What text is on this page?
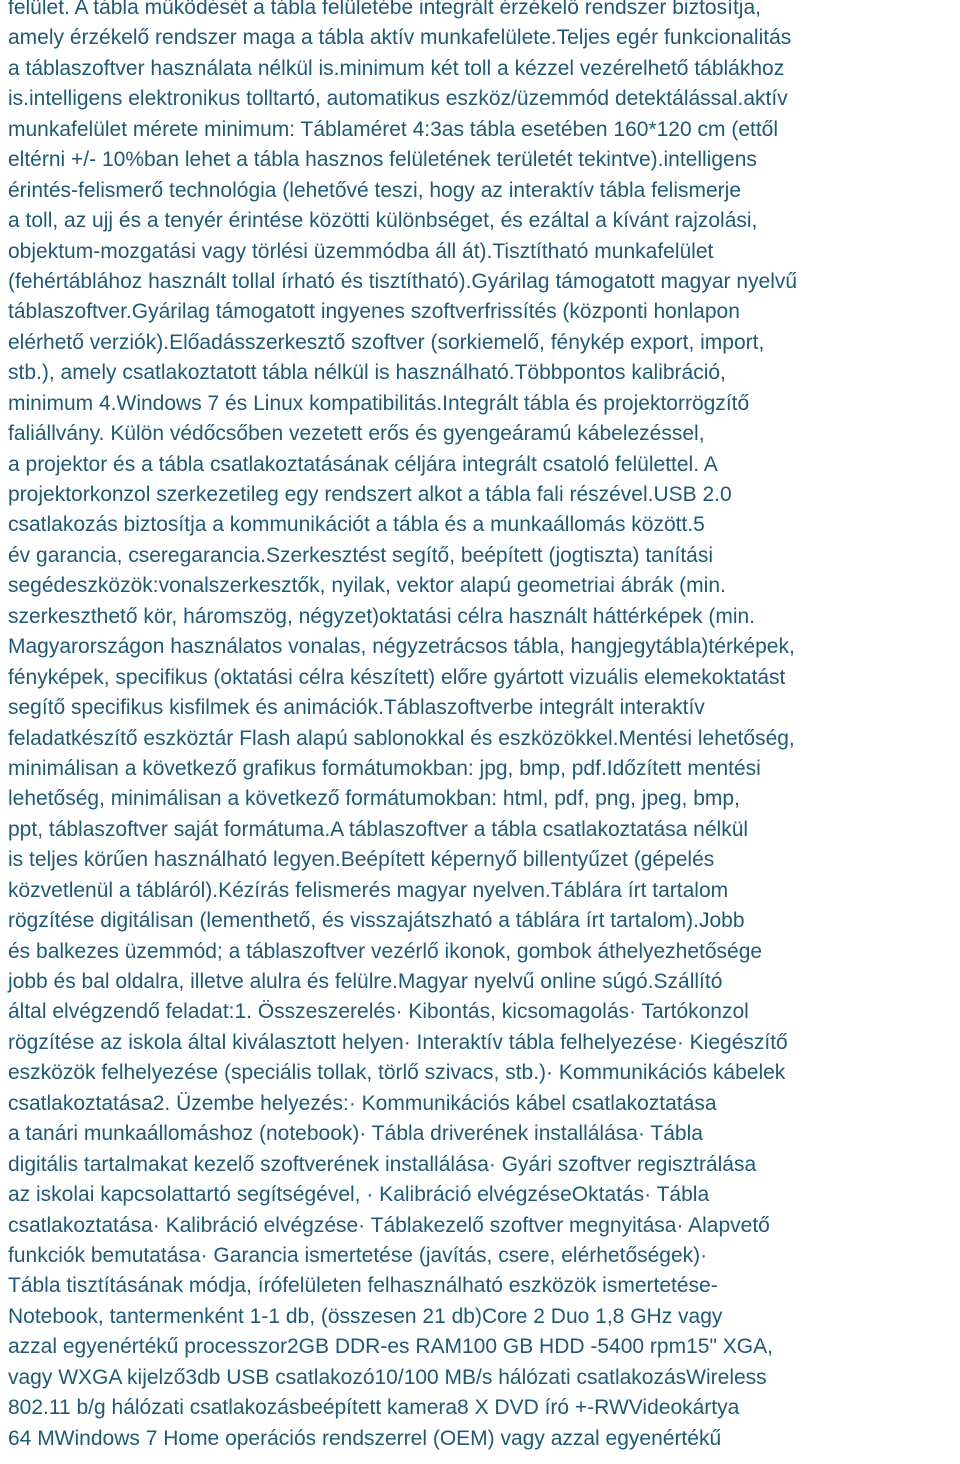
felület. A tábla működését a tábla felületébe integrált érzékelő rendszer biztosítja,
amely érzékelő rendszer maga a tábla aktív munkafelülete.Teljes egér funkcionalitás
a táblaszoftver használata nélkül is.minimum két toll a kézzel vezérelhető táblákhoz
is.intelligens elektronikus tolltartó, automatikus eszköz/üzemmód detektálással.aktív
munkafelület mérete minimum: Táblaméret 4:3as tábla esetében 160*120 cm (ettől
eltérni +/- 10%ban lehet a tábla hasznos felületének területét tekintve).intelligens
érintés-felismerő technológia (lehetővé teszi, hogy az interaktív tábla felismerje
a toll, az ujj és a tenyér érintése közötti különbséget, és ezáltal a kívánt rajzolási,
objektum-mozgatási vagy törlési üzemmódba áll át).Tisztítható munkafelület
(fehértáblához használt tollal írható és tisztítható).Gyárilag támogatott magyar nyelvű
táblaszoftver.Gyárilag támogatott ingyenes szoftverfrissítés (központi honlapon
elérhető verziók).Előadásszerkesztő szoftver (sorkiemelő, fénykép export, import,
stb.), amely csatlakoztatott tábla nélkül is használható.Többpontos kalibráció,
minimum 4.Windows 7 és Linux kompatibilitás.Integrált tábla és projektorrögzítő
faliállvány. Külön védőcsőben vezetett erős és gyengeáramú kábelezéssel,
a projektor és a tábla csatlakoztatásának céljára integrált csatoló felülettel. A
projektorkonzol szerkezetileg egy rendszert alkot a tábla fali részével.USB 2.0
csatlakozás biztosítja a kommunikációt a tábla és a munkaállomás között.5
év garancia, cseregarancia.Szerkesztést segítő, beépített (jogtiszta) tanítási
segédeszközök:vonalszerkesztők, nyilak, vektor alapú geometriai ábrák (min.
szerkeszthető kör, háromszög, négyzet)oktatási célra használt háttérképek (min.
Magyarországon használatos vonalas, négyzetrácsos tábla, hangjegytábla)térképek,
fényképek, specifikus (oktatási célra készített) előre gyártott vizuális elemekoktatást
segítő specifikus kisfilmek és animációk.Táblaszoftverbe integrált interaktív
feladatkészítő eszköztár Flash alapú sablonokkal és eszközökkel.Mentési lehetőség,
minimálisan a következő grafikus formátumokban: jpg, bmp, pdf.Időzített mentési
lehetőség, minimálisan a következő formátumokban: html, pdf, png, jpeg, bmp,
ppt, táblaszoftver saját formátuma.A táblaszoftver a tábla csatlakoztatása nélkül
is teljes körűen használható legyen.Beépített képernyő billentyűzet (gépelés
közvetlenül a tábláról).Kézírás felismerés magyar nyelven.Táblára írt tartalom
rögzítése digitálisan (lementhető, és visszajátszható a táblára írt tartalom).Jobb
és balkezes üzemmód; a táblaszoftver vezérlő ikonok, gombok áthelyezhetősége
jobb és bal oldalra, illetve alulra és felülre.Magyar nyelvű online súgó.Szállító
által elvégzendő feladat:1. Összeszerelés· Kibontás, kicsomagolás· Tartókonzol
rögzítése az iskola által kiválasztott helyen· Interaktív tábla felhelyezése· Kiegészítő
eszközök felhelyezése (speciális tollak, törlő szivacs, stb.)· Kommunikációs kábelek
csatlakoztatása2. Üzembe helyezés:· Kommunikációs kábel csatlakoztatása
a tanári munkaállomáshoz (notebook)· Tábla driverének installálása· Tábla
digitális tartalmakat kezelő szoftverének installálása· Gyári szoftver regisztrálása
az iskolai kapcsolattartó segítségével, · Kalibráció elvégzéseOktatás· Tábla
csatlakoztatása· Kalibráció elvégzése· Táblakezelő szoftver megnyitása· Alapvető
funkciók bemutatása· Garancia ismertetése (javítás, csere, elérhetőségek)·
Tábla tisztításának módja, írófelületen felhasználható eszközök ismertetése-
Notebook, tantermenként 1-1 db, (összesen 21 db)Core 2 Duo 1,8 GHz vagy
azzal egyenértékű processzor2GB DDR-es RAM100 GB HDD -5400 rpm15" XGA,
vagy WXGA kijelző3db USB csatlakozó10/100 MB/s hálózati csatlakozásWireless
802.11 b/g hálózati csatlakozásbeépített kamera8 X DVD író +-RWVideokártya
64 MWindows 7 Home operációs rendszerrel (OEM) vagy azzal egyenértékű
